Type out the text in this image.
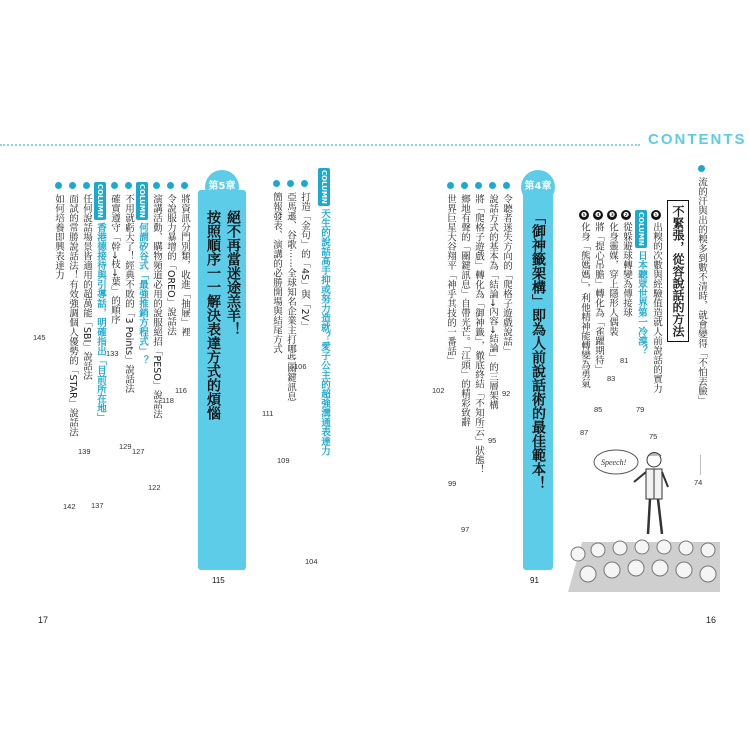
CONTENTS
流的汗與出的糗多到數不清時，就會變得「不怕丟臉」
74
不緊張，從容說話的方法
❶出糗的次數與經驗值造就人前說話的實力
75
COLUMN日本聽眾世界第一冷漠？
79
❷從躲避球轉變為傳接球
81
❸化身靈媒，穿上隱形人偶裝
83
❹將「提心吊膽」轉化為「雀躍期待」
85
❺化身「熊媽媽」，利他精神能轉變為勇氣
87
第4章
「御神籤架構」即為人前說話術的最佳範本！
91
令聽者迷失方向的「爬格子遊戲說話」
92
說話方式的基本為「結論→內容→結論」的三層架構
95
將「爬格子遊戲」轉化為「御神籤」，徹底終結「不知所云」狀態！
97
鄉地有聲的「關鍵訊息」自帶光芒。「江頭」的精彩致辭
99
世界巨星大谷翔平「神乎其技的一番話」
102
Speech!
COLUMN天生的說話高手抑或努力造就？愛子公主的超強溝通表達力
104
打造「金句」的「4S」與「2V」
106
亞馬遜、谷歌⋯⋯全球知名企業主打哪些關鍵訊息
109
簡報發表、演講的必勝開場與結尾方式
111
第5章
絕不再當迷途羔羊！
按照順序一一解決表達方式的煩惱
115
將資訊分門別類，收進「抽屜」裡
116
令說服力暴增的「OREO」說話法
118
演講活動、購物頻道必用的說服絕招「PESO」說話法
122
COLUMN何謂矽谷式「最強推銷方程式」？
127
不用就虧大了！經典不敗的「3 Points」說話法
129
確實遵守「幹→枝→葉」的順序
133
COLUMN香港德接待與引導話，明確指出「目前所在地」
137
任何說話場景皆適用的超萬能「SBI」說話法
139
面試的常勝說話法！有效強調個人優勢的「STAR」說話法
142
如何培養即興表達力
145
17	16
